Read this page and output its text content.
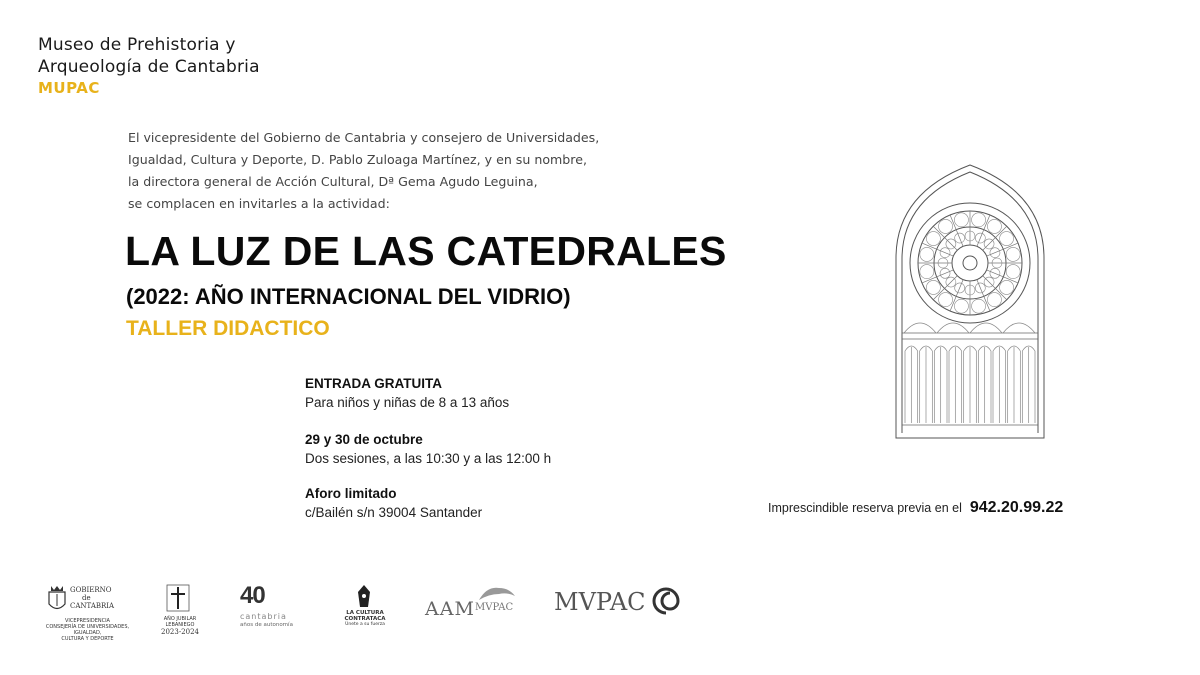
Museo de Prehistoria y
Arqueología de Cantabria
MUPAC
El vicepresidente del Gobierno de Cantabria y consejero de Universidades,
Igualdad, Cultura y Deporte, D. Pablo Zuloaga Martínez, y en su nombre,
la directora general de Acción Cultural, Dª Gema Agudo Leguina,
se complacen en invitarles a la actividad:
LA LUZ DE LAS CATEDRALES
(2022: AÑO INTERNACIONAL DEL VIDRIO)
TALLER DIDACTICO
ENTRADA GRATUITA
Para niños y niñas de 8 a 13 años
29 y 30 de octubre
Dos sesiones, a las 10:30 y a las 12:00 h
Aforo limitado
c/Bailén s/n 39004 Santander	Imprescindible reserva previa en el 942.20.99.22
GOBIERNO
de
CANTABRIA
VICEPRESIDENCIA
CONSEJERÍA DE UNIVERSIDADES, IGUALDAD,
CULTURA Y DEPORTE
AÑO JUBILAR
LEBANIEGO
2023-2024
40
cantabria
años de autonomía
LA CULTURA
CONTRATACA
Únete a su fuerza
AAM MVPAC MVPAC
